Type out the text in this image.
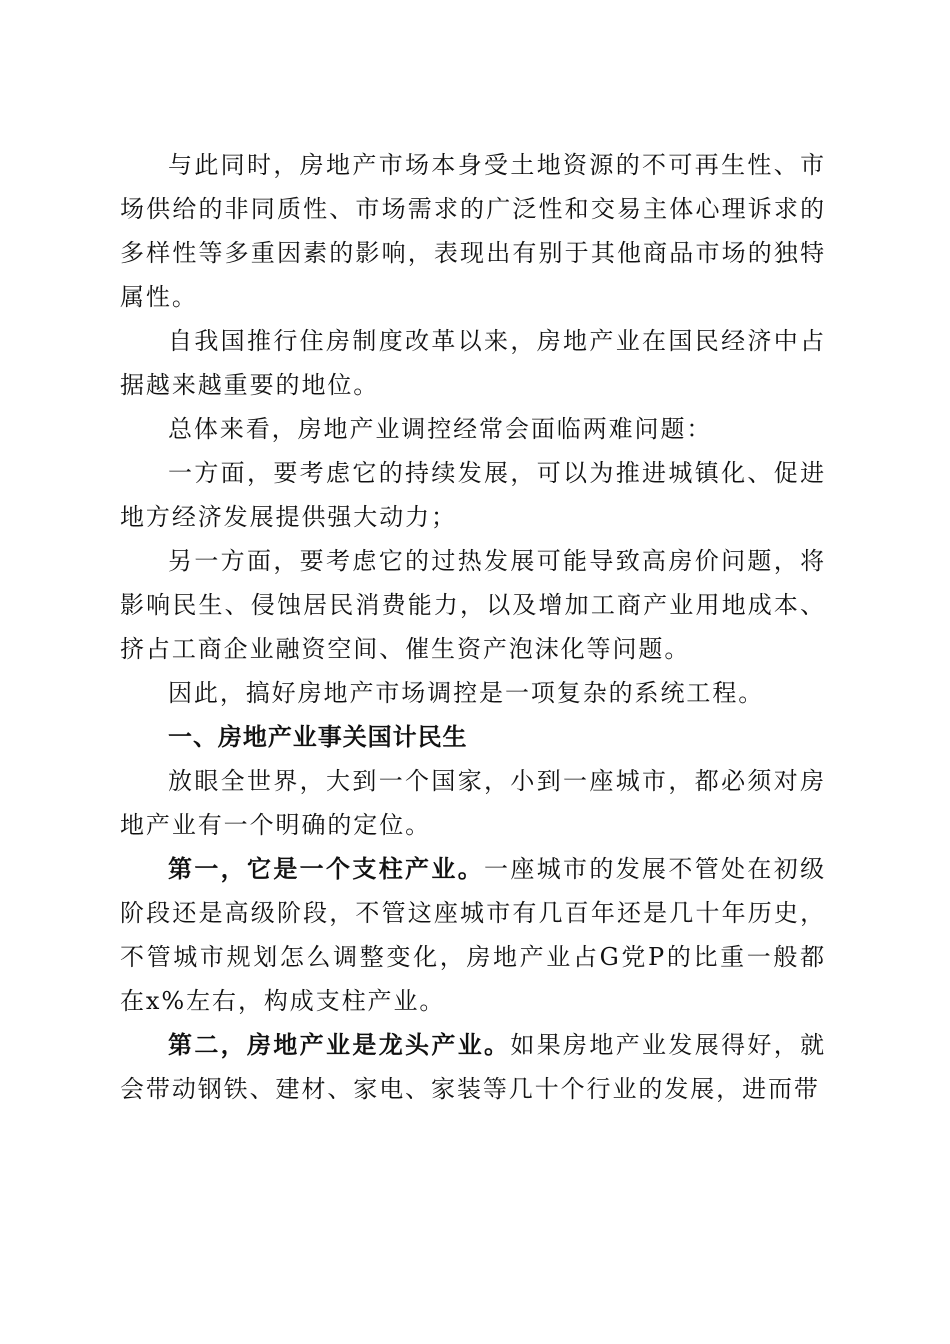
与此同时，房地产市场本身受土地资源的不可再生性、市场供给的非同质性、市场需求的广泛性和交易主体心理诉求的多样性等多重因素的影响，表现出有别于其他商品市场的独特属性。

自我国推行住房制度改革以来，房地产业在国民经济中占据越来越重要的地位。

总体来看，房地产业调控经常会面临两难问题：

一方面，要考虑它的持续发展，可以为推进城镇化、促进地方经济发展提供强大动力；

另一方面，要考虑它的过热发展可能导致高房价问题，将影响民生、侵蚀居民消费能力，以及增加工商产业用地成本、挤占工商企业融资空间、催生资产泡沫化等问题。

因此，搞好房地产市场调控是一项复杂的系统工程。

一、房地产业事关国计民生

放眼全世界，大到一个国家，小到一座城市，都必须对房地产业有一个明确的定位。

第一，它是一个支柱产业。一座城市的发展不管处在初级阶段还是高级阶段，不管这座城市有几百年还是几十年历史，不管城市规划怎么调整变化，房地产业占G党P的比重一般都在x%左右，构成支柱产业。

第二，房地产业是龙头产业。如果房地产业发展得好，就会带动钢铁、建材、家电、家装等几十个行业的发展，进而带
